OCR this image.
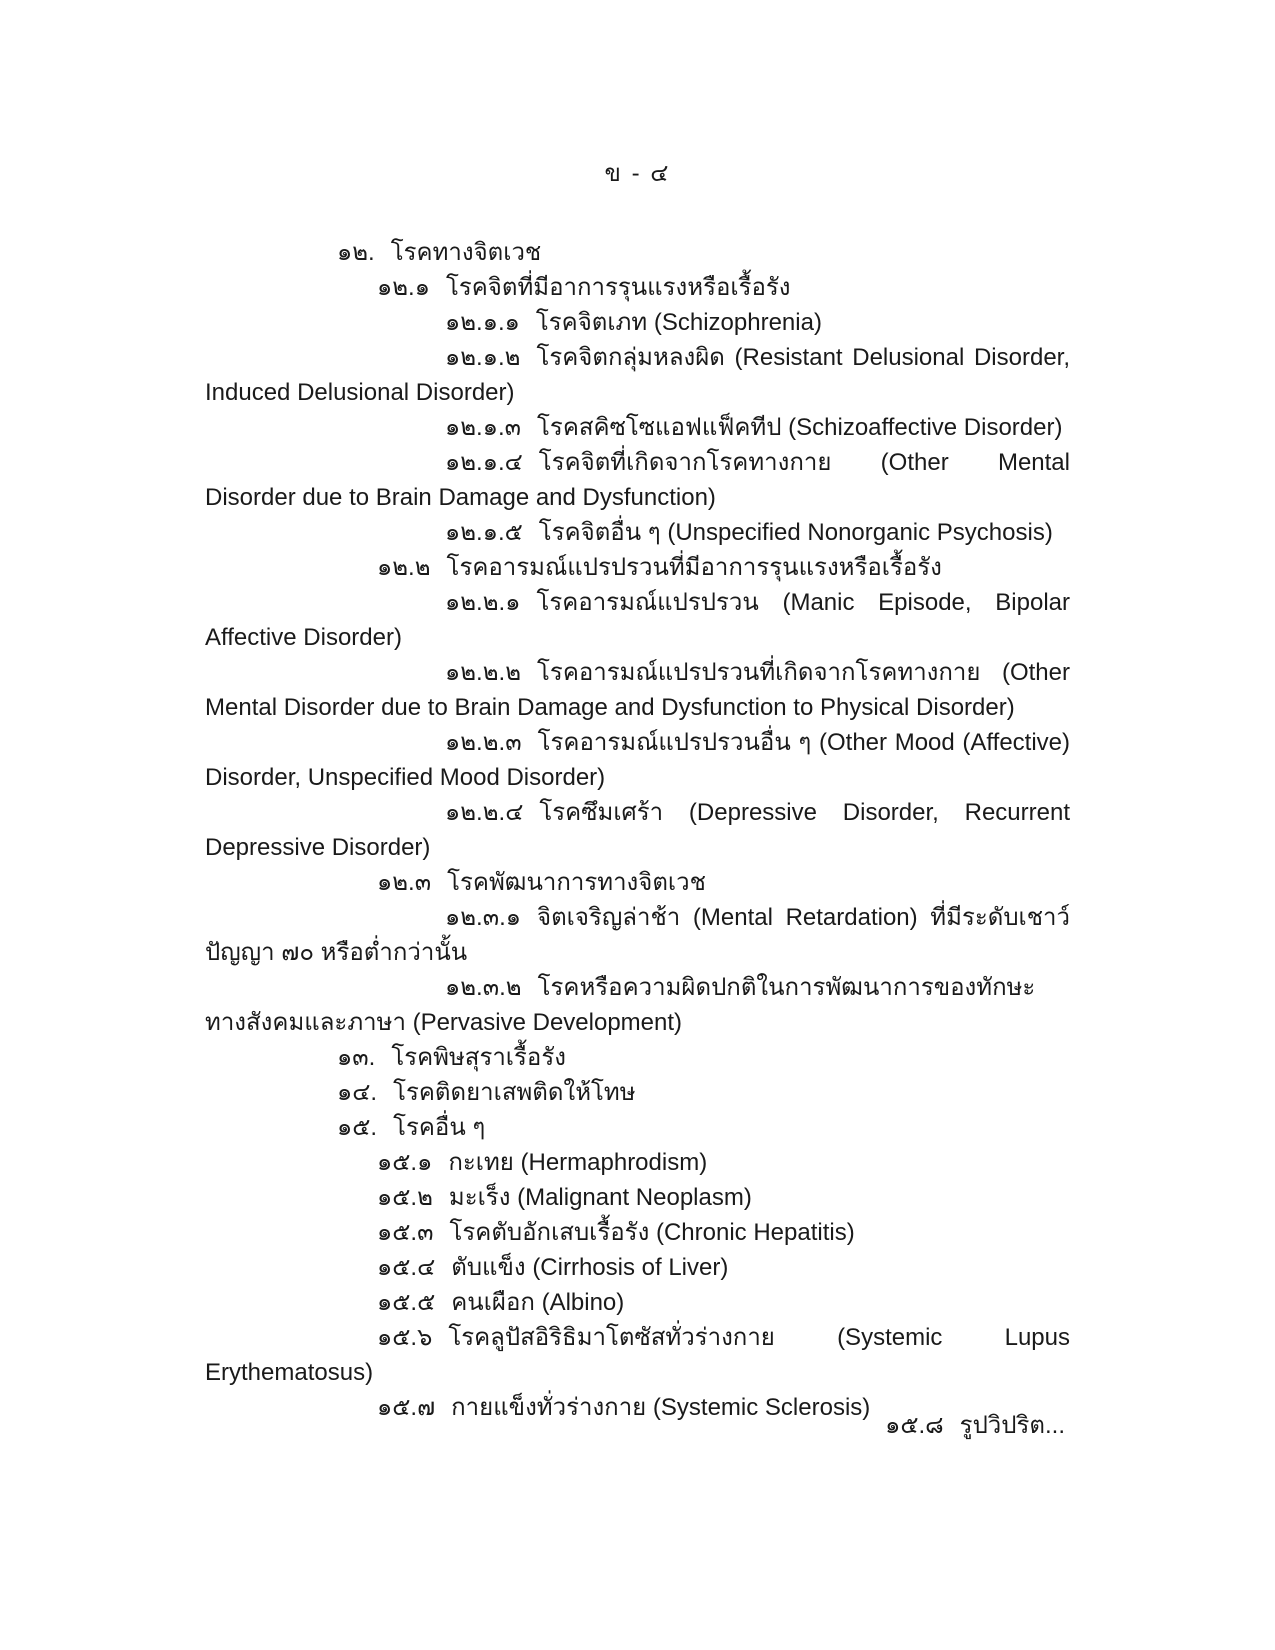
ข - ๔

๑๒. โรคทางจิตเวช

๑๒.๑ โรคจิตที่มีอาการรุนแรงหรือเรื้อรัง

๑๒.๑.๑ โรคจิตเภท (Schizophrenia)

๑๒.๑.๒ โรคจิตกลุ่มหลงผิด (Resistant Delusional Disorder, Induced Delusional Disorder)

๑๒.๑.๓ โรคสคิซโซแอฟแฟ็คทีป (Schizoaffective Disorder)

๑๒.๑.๔ โรคจิตที่เกิดจากโรคทางกาย (Other Mental Disorder due to Brain Damage and Dysfunction)

๑๒.๑.๕ โรคจิตอื่น ๆ (Unspecified Nonorganic Psychosis)

๑๒.๒ โรคอารมณ์แปรปรวนที่มีอาการรุนแรงหรือเรื้อรัง

๑๒.๒.๑ โรคอารมณ์แปรปรวน (Manic Episode, Bipolar Affective Disorder)

๑๒.๒.๒ โรคอารมณ์แปรปรวนที่เกิดจากโรคทางกาย (Other Mental Disorder due to Brain Damage and Dysfunction to Physical Disorder)

๑๒.๒.๓ โรคอารมณ์แปรปรวนอื่น ๆ (Other Mood (Affective) Disorder, Unspecified Mood Disorder)

๑๒.๒.๔ โรคซึมเศร้า (Depressive Disorder, Recurrent Depressive Disorder)

๑๒.๓ โรคพัฒนาการทางจิตเวช

๑๒.๓.๑ จิตเจริญล่าช้า (Mental Retardation) ที่มีระดับเชาว์ปัญญา ๗๐ หรือต่ำกว่านั้น

๑๒.๓.๒ โรคหรือความผิดปกติในการพัฒนาการของทักษะทางสังคมและภาษา (Pervasive Development)

๑๓. โรคพิษสุราเรื้อรัง

๑๔. โรคติดยาเสพติดให้โทษ

๑๕. โรคอื่น ๆ

๑๕.๑ กะเทย (Hermaphrodism)

๑๕.๒ มะเร็ง (Malignant Neoplasm)

๑๕.๓ โรคตับอักเสบเรื้อรัง (Chronic Hepatitis)

๑๕.๔ ตับแข็ง (Cirrhosis of Liver)

๑๕.๕ คนเผือก (Albino)

๑๕.๖ โรคลูปัสอิริธิมาโตซัสทั่วร่างกาย (Systemic Lupus Erythematosus)

๑๕.๗ กายแข็งทั่วร่างกาย (Systemic Sclerosis)

๑๕.๘ รูปวิปริต...
